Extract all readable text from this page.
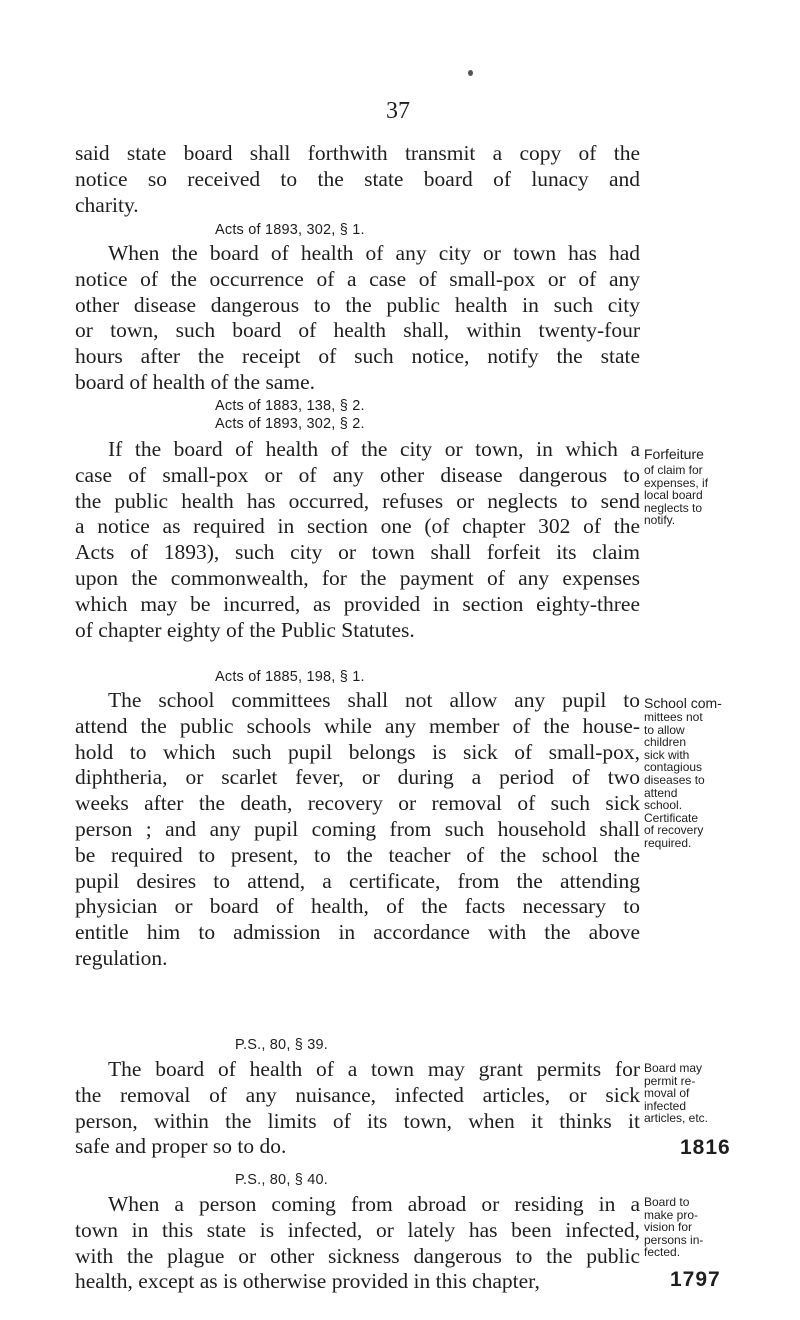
37
said state board shall forthwith transmit a copy of the
notice so received to the state board of lunacy and
charity.
Acts of 1893, 302, § 1.
When the board of health of any city or town has had
notice of the occurrence of a case of small-pox or of any
other disease dangerous to the public health in such city
or town, such board of health shall, within twenty-four
hours after the receipt of such notice, notify the state
board of health of the same.
Acts of 1883, 138, § 2.
Acts of 1893, 302, § 2.
If the board of health of the city or town, in which a
case of small-pox or of any other disease dangerous to
the public health has occurred, refuses or neglects to send
a notice as required in section one (of chapter 302 of the
Acts of 1893), such city or town shall forfeit its claim
upon the commonwealth, for the payment of any expenses
which may be incurred, as provided in section eighty-three
of chapter eighty of the Public Statutes.
Forfeiture
of claim for
expenses, if
local board
neglects to
notify.
Acts of 1885, 198, § 1.
The school committees shall not allow any pupil to
attend the public schools while any member of the house-
hold to which such pupil belongs is sick of small-pox,
diphtheria, or scarlet fever, or during a period of two
weeks after the death, recovery or removal of such sick
person ; and any pupil coming from such household shall
be required to present, to the teacher of the school the
pupil desires to attend, a certificate, from the attending
physician or board of health, of the facts necessary to
entitle him to admission in accordance with the above
regulation.
School com-
mittees not
to allow
children
sick with
contagious
diseases to
attend
school.
Certificate
of recovery
required.
P.S., 80, § 39.
The board of health of a town may grant permits for
the removal of any nuisance, infected articles, or sick
person, within the limits of its town, when it thinks it
safe and proper so to do.
Board may
permit re-
moval of
infected
articles, etc.
1816
P.S., 80, § 40.
When a person coming from abroad or residing in a
town in this state is infected, or lately has been infected,
with the plague or other sickness dangerous to the public
health, except as is otherwise provided in this chapter,
Board to
make pro-
vision for
persons in-
fected.
1797
